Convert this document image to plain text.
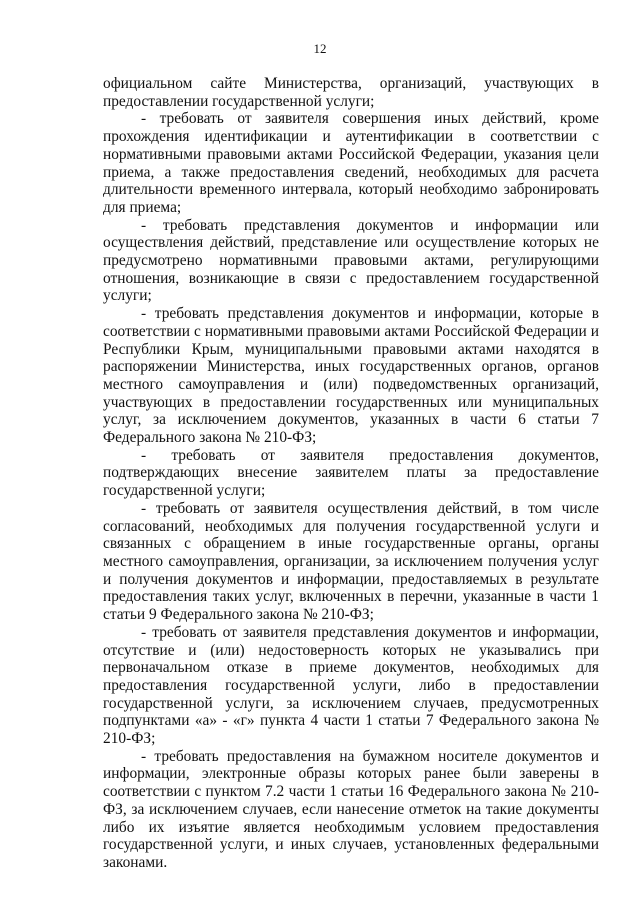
12

официальном сайте Министерства, организаций, участвующих в предоставлении государственной услуги;

- требовать от заявителя совершения иных действий, кроме прохождения идентификации и аутентификации в соответствии с нормативными правовыми актами Российской Федерации, указания цели приема, а также предоставления сведений, необходимых для расчета длительности временного интервала, который необходимо забронировать для приема;

- требовать представления документов и информации или осуществления действий, представление или осуществление которых не предусмотрено нормативными правовыми актами, регулирующими отношения, возникающие в связи с предоставлением государственной услуги;

- требовать представления документов и информации, которые в соответствии с нормативными правовыми актами Российской Федерации и Республики Крым, муниципальными правовыми актами находятся в распоряжении Министерства, иных государственных органов, органов местного самоуправления и (или) подведомственных организаций, участвующих в предоставлении государственных или муниципальных услуг, за исключением документов, указанных в части 6 статьи 7 Федерального закона № 210-ФЗ;

- требовать от заявителя предоставления документов, подтверждающих внесение заявителем платы за предоставление государственной услуги;

- требовать от заявителя осуществления действий, в том числе согласований, необходимых для получения государственной услуги и связанных с обращением в иные государственные органы, органы местного самоуправления, организации, за исключением получения услуг и получения документов и информации, предоставляемых в результате предоставления таких услуг, включенных в перечни, указанные в части 1 статьи 9 Федерального закона № 210-ФЗ;

- требовать от заявителя представления документов и информации, отсутствие и (или) недостоверность которых не указывались при первоначальном отказе в приеме документов, необходимых для предоставления государственной услуги, либо в предоставлении государственной услуги, за исключением случаев, предусмотренных подпунктами «а» - «г» пункта 4 части 1 статьи 7 Федерального закона № 210-ФЗ;

- требовать предоставления на бумажном носителе документов и информации, электронные образы которых ранее были заверены в соответствии с пунктом 7.2 части 1 статьи 16 Федерального закона № 210-ФЗ, за исключением случаев, если нанесение отметок на такие документы либо их изъятие является необходимым условием предоставления государственной услуги, и иных случаев, установленных федеральными законами.
